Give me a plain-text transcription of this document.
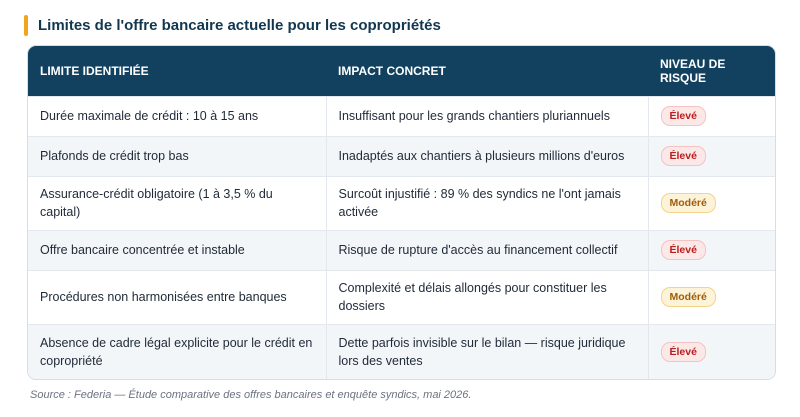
Limites de l'offre bancaire actuelle pour les copropriétés
LIMITE IDENTIFIÉE	IMPACT CONCRET	NIVEAU DE RISQUE
Durée maximale de crédit : 10 à 15 ans	Insuffisant pour les grands chantiers pluriannuels	Élevé
Plafonds de crédit trop bas	Inadaptés aux chantiers à plusieurs millions d'euros	Élevé
Assurance-crédit obligatoire (1 à 3,5 % du capital)	Surcoût injustifié : 89 % des syndics ne l'ont jamais activée	Modéré
Offre bancaire concentrée et instable	Risque de rupture d'accès au financement collectif	Élevé
Procédures non harmonisées entre banques	Complexité et délais allongés pour constituer les dossiers	Modéré
Absence de cadre légal explicite pour le crédit en copropriété	Dette parfois invisible sur le bilan — risque juridique lors des ventes	Élevé
Source : Federia — Étude comparative des offres bancaires et enquête syndics, mai 2026.
